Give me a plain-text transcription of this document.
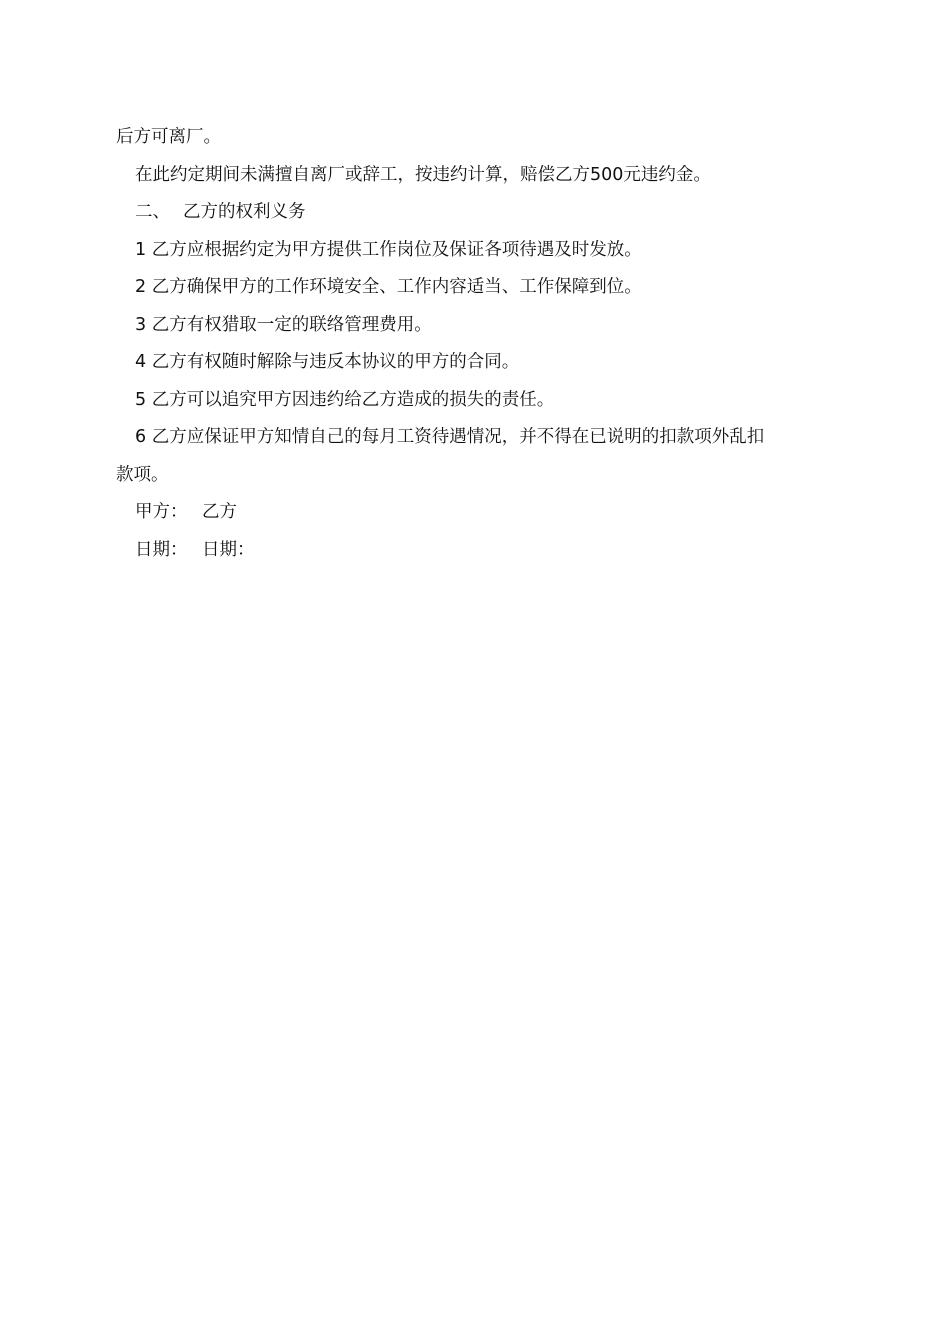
后方可离厂。

在此约定期间未满擅自离厂或辞工，按违约计算，赔偿乙方500元违约金。

二、 乙方的权利义务

1 乙方应根据约定为甲方提供工作岗位及保证各项待遇及时发放。

2 乙方确保甲方的工作环境安全、工作内容适当、工作保障到位。

3 乙方有权猎取一定的联络管理费用。

4 乙方有权随时解除与违反本协议的甲方的合同。

5 乙方可以追究甲方因违约给乙方造成的损失的责任。

6 乙方应保证甲方知情自己的每月工资待遇情况，并不得在已说明的扣款项外乱扣

款项。

甲方： 乙方

日期： 日期：
